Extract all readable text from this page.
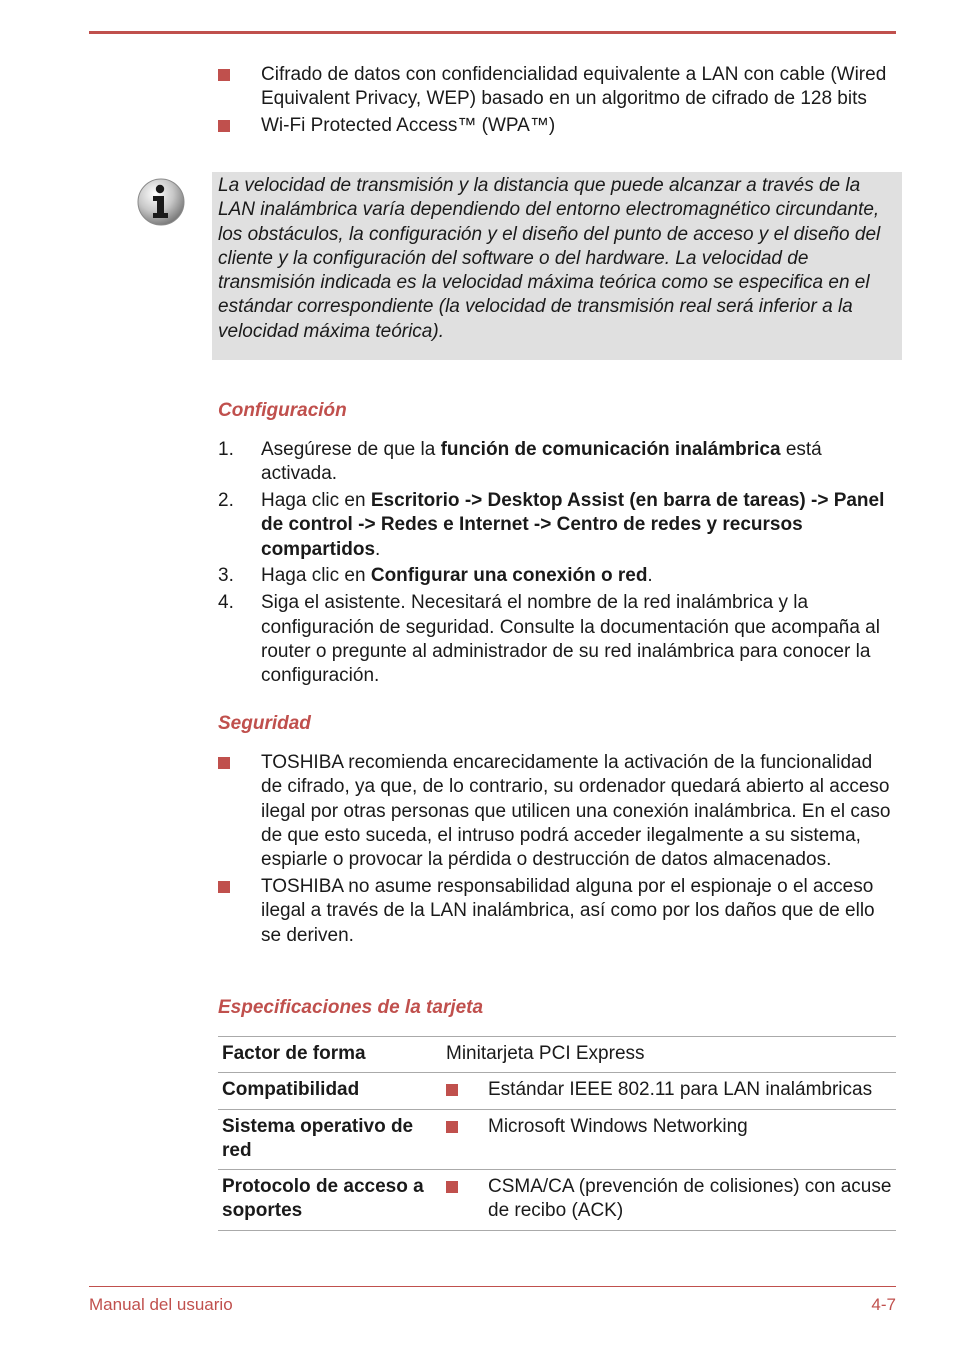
Cifrado de datos con confidencialidad equivalente a LAN con cable (Wired Equivalent Privacy, WEP) basado en un algoritmo de cifrado de 128 bits
Wi-Fi Protected Access™ (WPA™)
La velocidad de transmisión y la distancia que puede alcanzar a través de la LAN inalámbrica varía dependiendo del entorno electromagnético circundante, los obstáculos, la configuración y el diseño del punto de acceso y el diseño del cliente y la configuración del software o del hardware. La velocidad de transmisión indicada es la velocidad máxima teórica como se especifica en el estándar correspondiente (la velocidad de transmisión real será inferior a la velocidad máxima teórica).
Configuración
1. Asegúrese de que la función de comunicación inalámbrica está activada.
2. Haga clic en Escritorio -> Desktop Assist (en barra de tareas) -> Panel de control -> Redes e Internet -> Centro de redes y recursos compartidos.
3. Haga clic en Configurar una conexión o red.
4. Siga el asistente. Necesitará el nombre de la red inalámbrica y la configuración de seguridad. Consulte la documentación que acompaña al router o pregunte al administrador de su red inalámbrica para conocer la configuración.
Seguridad
TOSHIBA recomienda encarecidamente la activación de la funcionalidad de cifrado, ya que, de lo contrario, su ordenador quedará abierto al acceso ilegal por otras personas que utilicen una conexión inalámbrica. En el caso de que esto suceda, el intruso podrá acceder ilegalmente a su sistema, espiarle o provocar la pérdida o destrucción de datos almacenados.
TOSHIBA no asume responsabilidad alguna por el espionaje o el acceso ilegal a través de la LAN inalámbrica, así como por los daños que de ello se deriven.
Especificaciones de la tarjeta
Factor de forma	Minitarjeta PCI Express
Compatibilidad	Estándar IEEE 802.11 para LAN inalámbricas

Sistema operativo de red	Microsoft Windows Networking

Protocolo de acceso a soportes	CSMA/CA (prevención de colisiones) con acuse de recibo (ACK)
Manual del usuario	4-7
